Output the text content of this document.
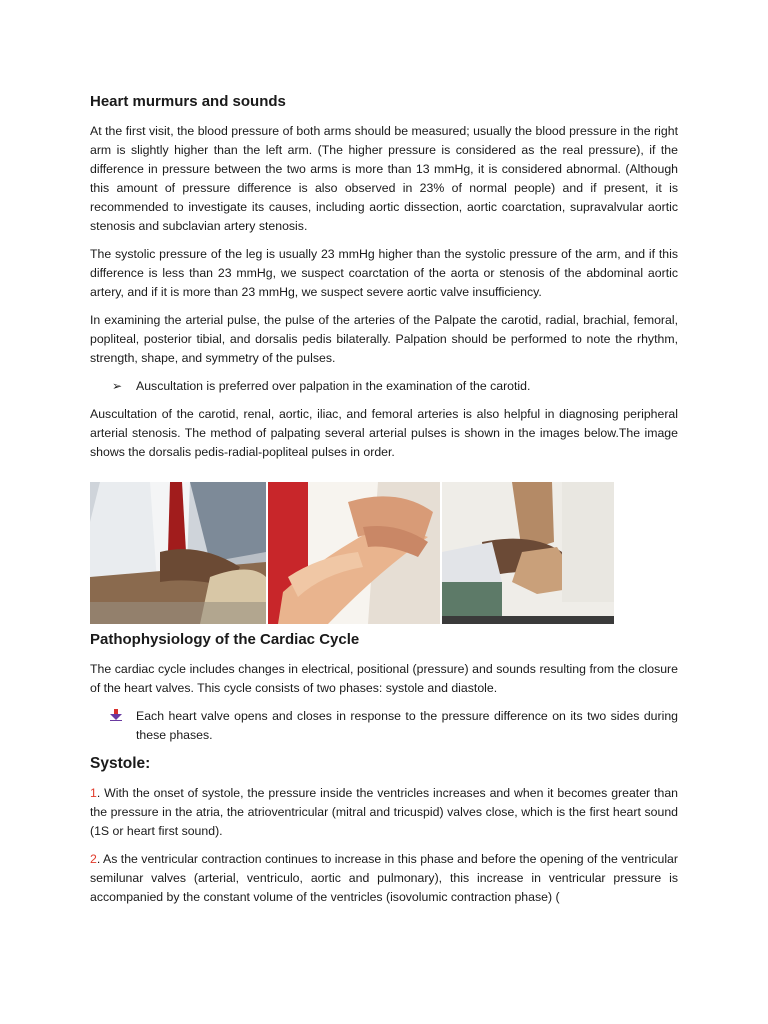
Heart murmurs and sounds

At the first visit, the blood pressure of both arms should be measured; usually the blood pressure in the right arm is slightly higher than the left arm. (The higher pressure is considered as the real pressure), if the difference in pressure between the two arms is more than 13 mmHg, it is considered abnormal. (Although this amount of pressure difference is also observed in 23% of normal people) and if present, it is recommended to investigate its causes, including aortic dissection, aortic coarctation, supravalvular aortic stenosis and subclavian artery stenosis.

The systolic pressure of the leg is usually 23 mmHg higher than the systolic pressure of the arm, and if this difference is less than 23 mmHg, we suspect coarctation of the aorta or stenosis of the abdominal aortic artery, and if it is more than 23 mmHg, we suspect severe aortic valve insufficiency.

In examining the arterial pulse, the pulse of the arteries of the Palpate the carotid, radial, brachial, femoral, popliteal, posterior tibial, and dorsalis pedis bilaterally. Palpation should be performed to note the rhythm, strength, shape, and symmetry of the pulses.

➢ Auscultation is preferred over palpation in the examination of the carotid.

Auscultation of the carotid, renal, aortic, iliac, and femoral arteries is also helpful in diagnosing peripheral arterial stenosis. The method of palpating several arterial pulses is shown in the images below.The image shows the dorsalis pedis-radial-popliteal pulses in order.

Pathophysiology of the Cardiac Cycle

The cardiac cycle includes changes in electrical, positional (pressure) and sounds resulting from the closure of the heart valves. This cycle consists of two phases: systole and diastole.

Each heart valve opens and closes in response to the pressure difference on its two sides during these phases.
Systole:

1. With the onset of systole, the pressure inside the ventricles increases and when it becomes greater than the pressure in the atria, the atrioventricular (mitral and tricuspid) valves close, which is the first heart sound (1S or heart first sound).

2. As the ventricular contraction continues to increase in this phase and before the opening of the ventricular semilunar valves (arterial, ventriculo, aortic and pulmonary), this increase in ventricular pressure is accompanied by the constant volume of the ventricles (isovolumic contraction phase) (
